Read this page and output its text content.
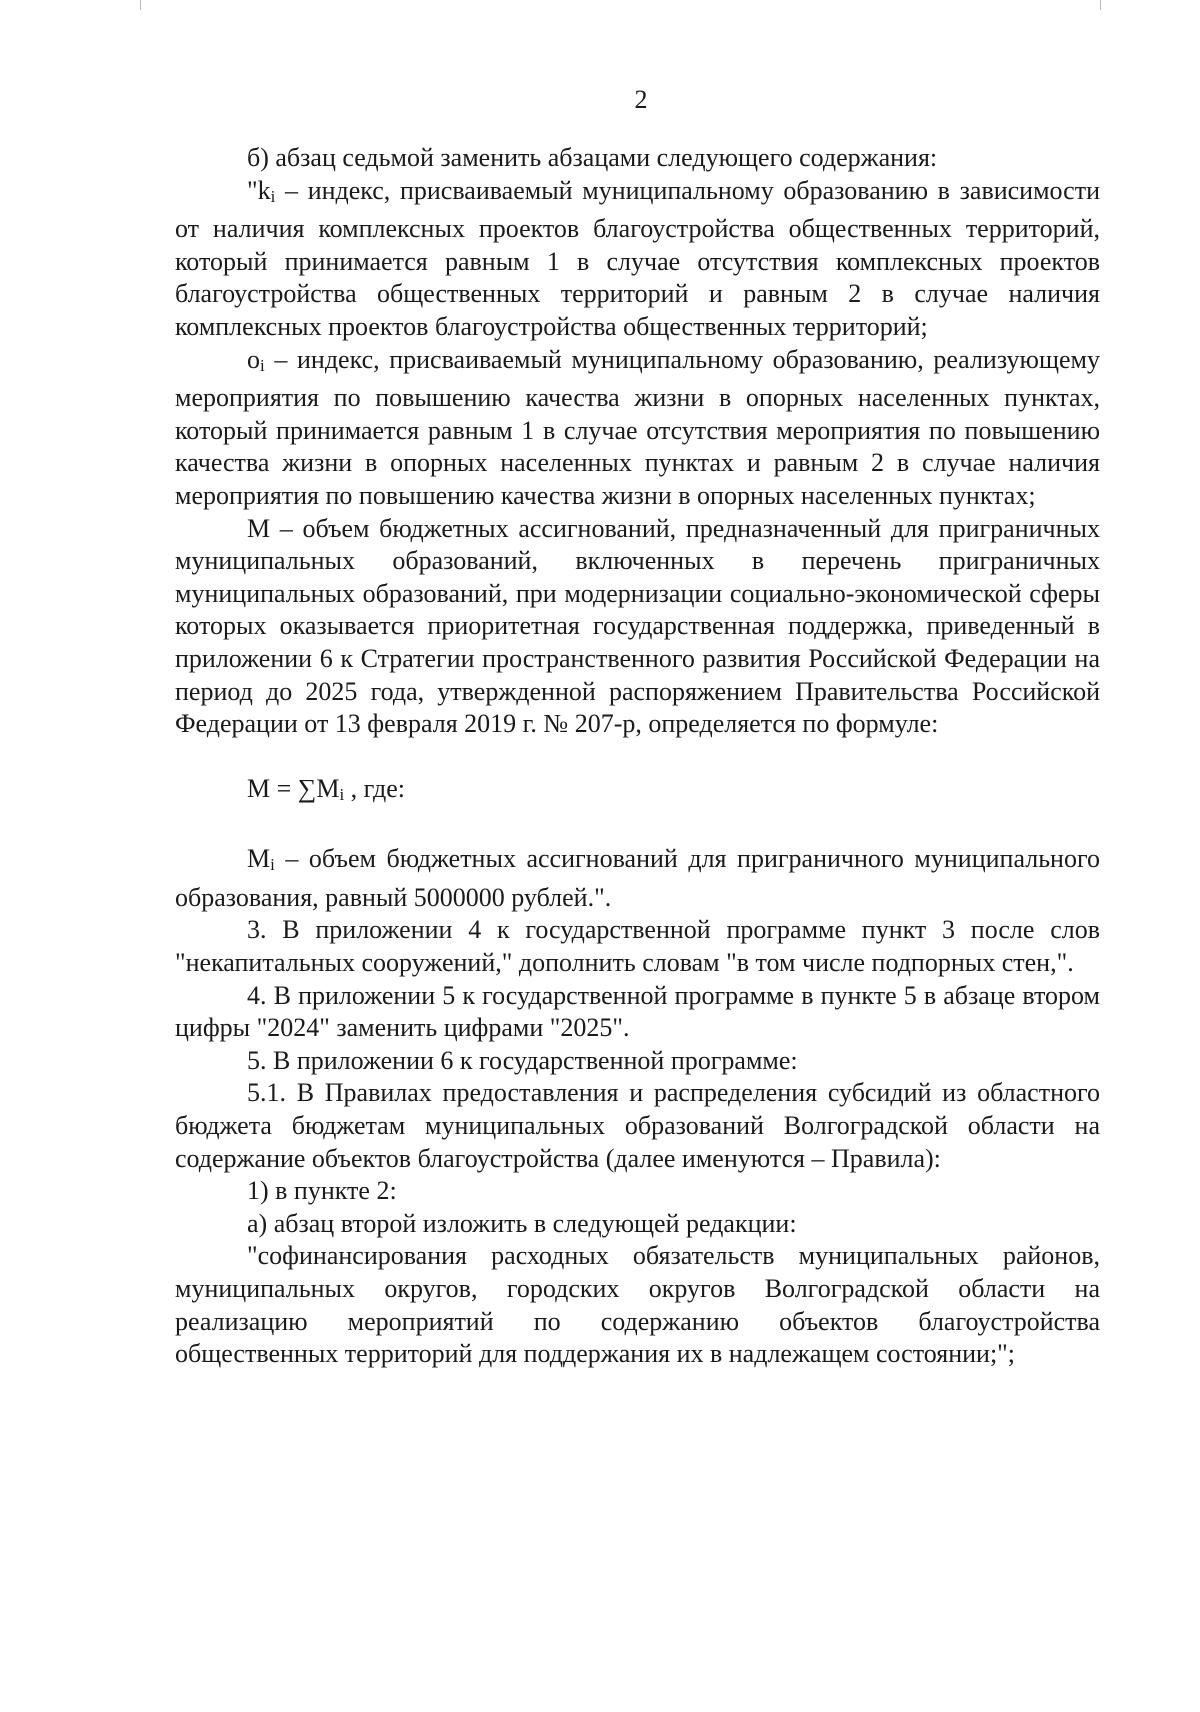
2

б) абзац седьмой заменить абзацами следующего содержания:

"ki – индекс, присваиваемый муниципальному образованию в зависимости от наличия комплексных проектов благоустройства общественных территорий, который принимается равным 1 в случае отсутствия комплексных проектов благоустройства общественных территорий и равным 2 в случае наличия комплексных проектов благоустройства общественных территорий;

oi – индекс, присваиваемый муниципальному образованию, реализующему мероприятия по повышению качества жизни в опорных населенных пунктах, который принимается равным 1 в случае отсутствия мероприятия по повышению качества жизни в опорных населенных пунктах и равным 2 в случае наличия мероприятия по повышению качества жизни в опорных населенных пунктах;

M – объем бюджетных ассигнований, предназначенный для приграничных муниципальных образований, включенных в перечень приграничных муниципальных образований, при модернизации социально-экономической сферы которых оказывается приоритетная государственная поддержка, приведенный в приложении 6 к Стратегии пространственного развития Российской Федерации на период до 2025 года, утвержденной распоряжением Правительства Российской Федерации от 13 февраля 2019 г. № 207-р, определяется по формуле:

M = ∑Mi , где:

Mi – объем бюджетных ассигнований для приграничного муниципального образования, равный 5000000 рублей.".

3. В приложении 4 к государственной программе пункт 3 после слов "некапитальных сооружений," дополнить словам "в том числе подпорных стен,".

4. В приложении 5 к государственной программе в пункте 5 в абзаце втором цифры "2024" заменить цифрами "2025".

5. В приложении 6 к государственной программе:

5.1. В Правилах предоставления и распределения субсидий из областного бюджета бюджетам муниципальных образований Волгоградской области на содержание объектов благоустройства (далее именуются – Правила):

1) в пункте 2:

а) абзац второй изложить в следующей редакции:

"софинансирования расходных обязательств муниципальных районов, муниципальных округов, городских округов Волгоградской области на реализацию мероприятий по содержанию объектов благоустройства общественных территорий для поддержания их в надлежащем состоянии;";
